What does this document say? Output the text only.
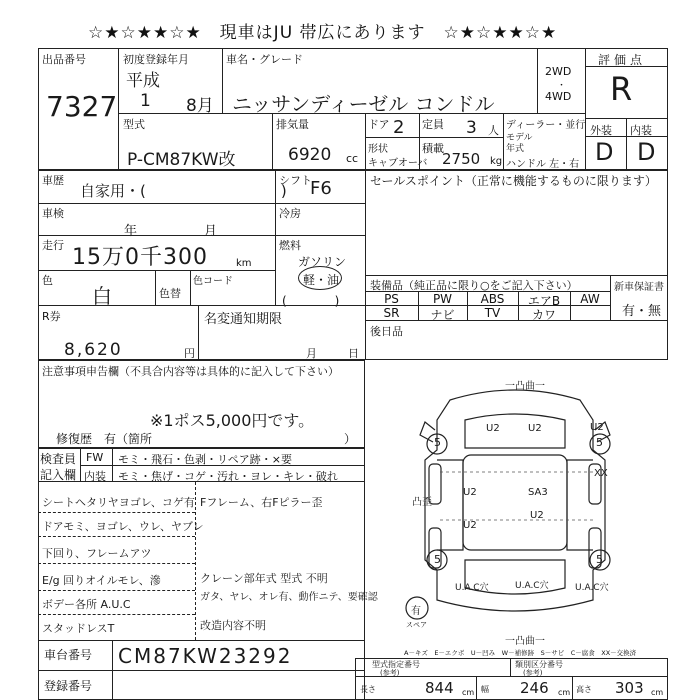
☆★☆★★☆★　現車はJU 帯広にあります　☆★☆★★☆★
出品番号
7327
初度登録年月
平成
1 8月
車名・グレード
ニッサンディーゼル コンドル
2WD
・
4WD
評価点
R
外装 内装
D D
型式
P-CM87KW改
排気量
6920 cc
ドア 2 定員 3 人 ディーラー・並行
モデル
年式
ハンドル 左・右
形状
キャブオーバ
積載
2750 kg
車歴
自家用・(　　　　　　　　　)
シフト
F6	セールスポイント（正常に機能するものに限ります）
車検
年	月
冷房
走行 15万0千300	km
燃料
ガソリン
軽・油
(　　　　)
色
白	色替
色コード	装備品（純正品に限り○をご記入下さい）	新車保証書
有・無
PS	PW	ABS	エアB	AW
SR	ナビ	TV	カワ
後日品
R券
8,620	円
名変通知期限
月	日
注意事項申告欄（不具合内容等は具体的に記入して下さい）
※1ポス5,000円です。
修復歴　有（箇所　　　　　　　　　　　　　　　　）
検査員
記入欄
FW モミ・飛石・色剥・リペア跡・×要
内装 モミ・焦げ・コゲ・汚れ・ヨレ・キレ・破れ
シートヘタリヤヨゴレ、コゲ有
ドアモミ、ヨゴレ、ウレ、ヤブレ
下回り、フレームアツ
E/g 回りオイルモレ、滲
ボデー各所 A.U.C
スタッドレスT
Fフレーム、右Fピラー歪
クレーン部年式 型式 不明
ガタ、ヤレ、オレ有、動作ニテ、要確認
改造内容不明
車台番号 CM87KW23292
登録番号
一凸曲一
一凸曲一
U2	U2	U2
XX
U2	SA3
U2
U2
U.A.C穴	U.A.C穴	U.A.C穴
5	5
5	5
凸歪
有
スペア
A－キズ　E－エクボ　U－凹み　W－補修跡　S－サビ　C－腐食　XX－交換済
型式指定番号
(参考)
類別区分番号
(参考)
長さ	844 cm 幅 246 cm 高さ 303 cm
